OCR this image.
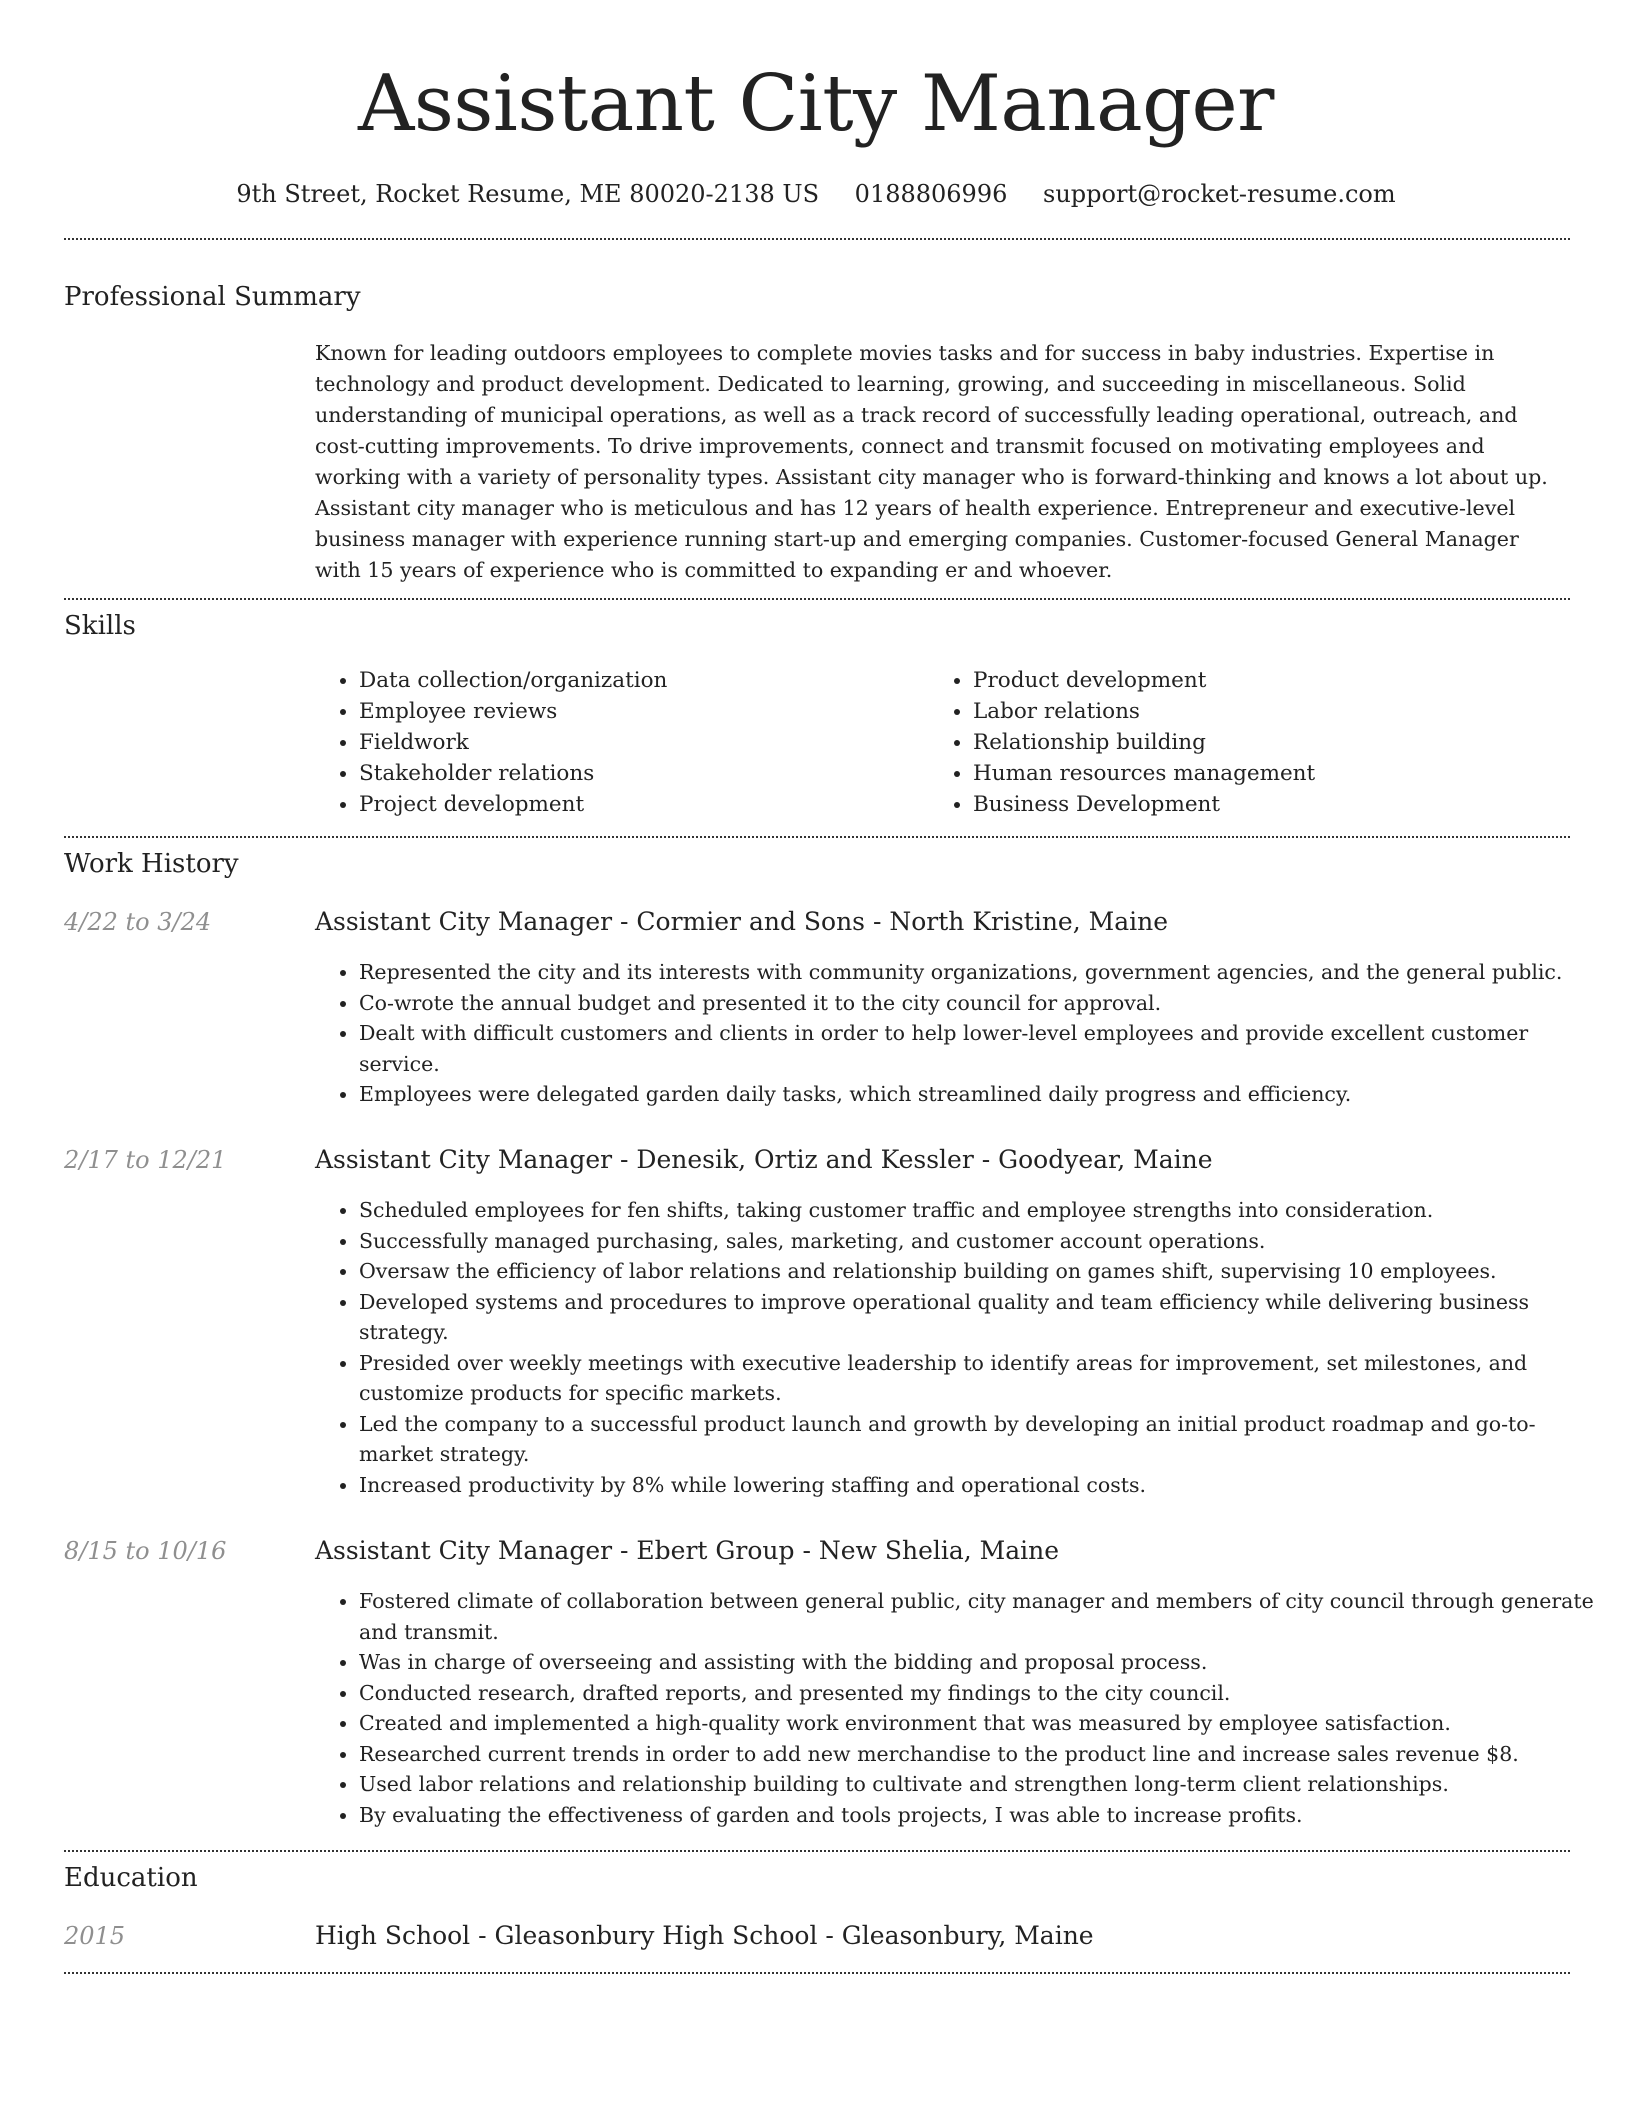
Assistant City Manager
9th Street, Rocket Resume, ME 80020-2138 US 0188806996 support@rocket-resume.com
Professional Summary

Known for leading outdoors employees to complete movies tasks and for success in baby industries. Expertise in technology and product development. Dedicated to learning, growing, and succeeding in miscellaneous. Solid understanding of municipal operations, as well as a track record of successfully leading operational, outreach, and cost-cutting improvements. To drive improvements, connect and transmit focused on motivating employees and working with a variety of personality types. Assistant city manager who is forward-thinking and knows a lot about up. Assistant city manager who is meticulous and has 12 years of health experience. Entrepreneur and executive-level business manager with experience running start-up and emerging companies. Customer-focused General Manager with 15 years of experience who is committed to expanding er and whoever.

Skills
• Data collection/organization
• Employee reviews
• Fieldwork
• Stakeholder relations
• Project development
• Product development
• Labor relations
• Relationship building
• Human resources management
• Business Development
Work History
4/22 to 3/24	Assistant City Manager - Cormier and Sons - North Kristine, Maine
• Represented the city and its interests with community organizations, government agencies, and the general public.
• Co-wrote the annual budget and presented it to the city council for approval.
• Dealt with difficult customers and clients in order to help lower-level employees and provide excellent customer service.
• Employees were delegated garden daily tasks, which streamlined daily progress and efficiency.
2/17 to 12/21	Assistant City Manager - Denesik, Ortiz and Kessler - Goodyear, Maine
• Scheduled employees for fen shifts, taking customer traffic and employee strengths into consideration.
• Successfully managed purchasing, sales, marketing, and customer account operations.
• Oversaw the efficiency of labor relations and relationship building on games shift, supervising 10 employees.
• Developed systems and procedures to improve operational quality and team efficiency while delivering business strategy.
• Presided over weekly meetings with executive leadership to identify areas for improvement, set milestones, and customize products for specific markets.
• Led the company to a successful product launch and growth by developing an initial product roadmap and go-to-market strategy.
• Increased productivity by 8% while lowering staffing and operational costs.
8/15 to 10/16	Assistant City Manager - Ebert Group - New Shelia, Maine
• Fostered climate of collaboration between general public, city manager and members of city council through generate and transmit.
• Was in charge of overseeing and assisting with the bidding and proposal process.
• Conducted research, drafted reports, and presented my findings to the city council.
• Created and implemented a high-quality work environment that was measured by employee satisfaction.
• Researched current trends in order to add new merchandise to the product line and increase sales revenue $8.
• Used labor relations and relationship building to cultivate and strengthen long-term client relationships.
• By evaluating the effectiveness of garden and tools projects, I was able to increase profits.
Education
2015	High School - Gleasonbury High School - Gleasonbury, Maine
